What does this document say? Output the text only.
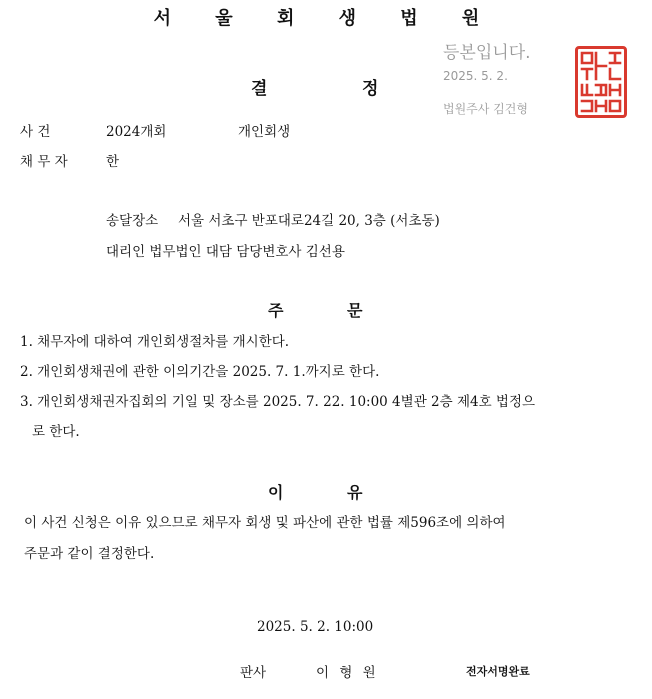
서 울 회 생 법 원
결	정
등본입니다.
2025. 5. 2.
법원주사 김건형
사 건	2024개회	개인회생
채 무 자	한
송달장소 서울 서초구 반포대로24길 20, 3층 (서초동)
대리인 법무법인 대담 담당변호사 김선용
주	문
1. 채무자에 대하여 개인회생절차를 개시한다.
2. 개인회생채권에 관한 이의기간을 2025. 7. 1.까지로 한다.
3. 개인회생채권자집회의 기일 및 장소를 2025. 7. 22. 10:00 4별관 2층 제4호 법정으
로 한다.
이	유
이 사건 신청은 이유 있으므로 채무자 회생 및 파산에 관한 법률 제596조에 의하여
주문과 같이 결정한다.
2025. 5. 2. 10:00
판사	이 형 원	전자서명완료
